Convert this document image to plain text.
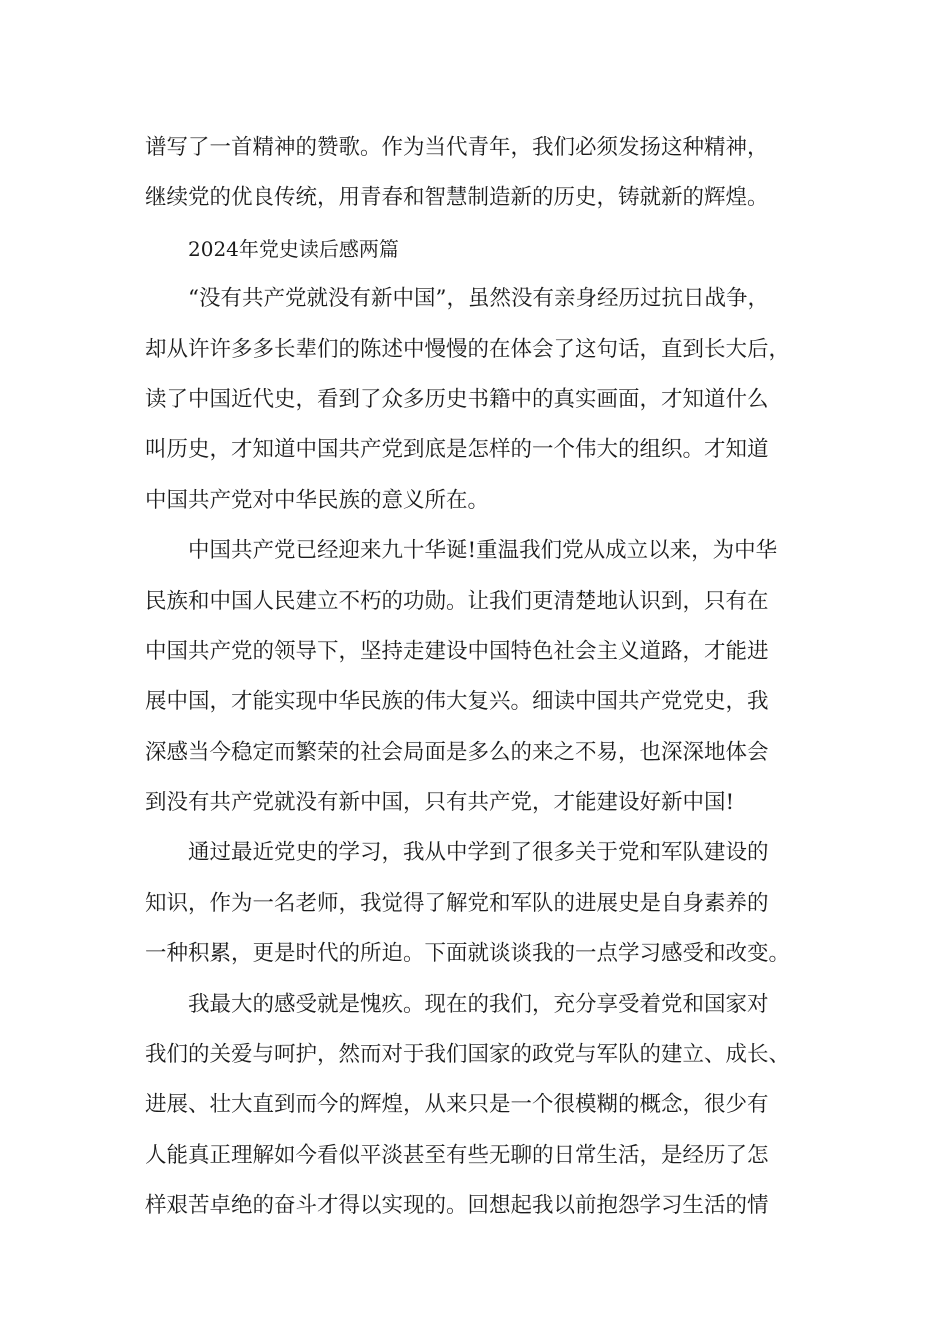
谱写了一首精神的赞歌。作为当代青年，我们必须发扬这种精神，
继续党的优良传统，用青春和智慧制造新的历史，铸就新的辉煌。
2024年党史读后感两篇
“没有共产党就没有新中国”，虽然没有亲身经历过抗日战争，
却从许许多多长辈们的陈述中慢慢的在体会了这句话，直到长大后，
读了中国近代史，看到了众多历史书籍中的真实画面，才知道什么
叫历史，才知道中国共产党到底是怎样的一个伟大的组织。才知道
中国共产党对中华民族的意义所在。
中国共产党已经迎来九十华诞!重温我们党从成立以来，为中华
民族和中国人民建立不朽的功勋。让我们更清楚地认识到，只有在
中国共产党的领导下，坚持走建设中国特色社会主义道路，才能进
展中国，才能实现中华民族的伟大复兴。细读中国共产党党史，我
深感当今稳定而繁荣的社会局面是多么的来之不易，也深深地体会
到没有共产党就没有新中国，只有共产党，才能建设好新中国!
通过最近党史的学习，我从中学到了很多关于党和军队建设的
知识，作为一名老师，我觉得了解党和军队的进展史是自身素养的
一种积累，更是时代的所迫。下面就谈谈我的一点学习感受和改变。
我最大的感受就是愧疚。现在的我们，充分享受着党和国家对
我们的关爱与呵护，然而对于我们国家的政党与军队的建立、成长、
进展、壮大直到而今的辉煌，从来只是一个很模糊的概念，很少有
人能真正理解如今看似平淡甚至有些无聊的日常生活，是经历了怎
样艰苦卓绝的奋斗才得以实现的。回想起我以前抱怨学习生活的情
